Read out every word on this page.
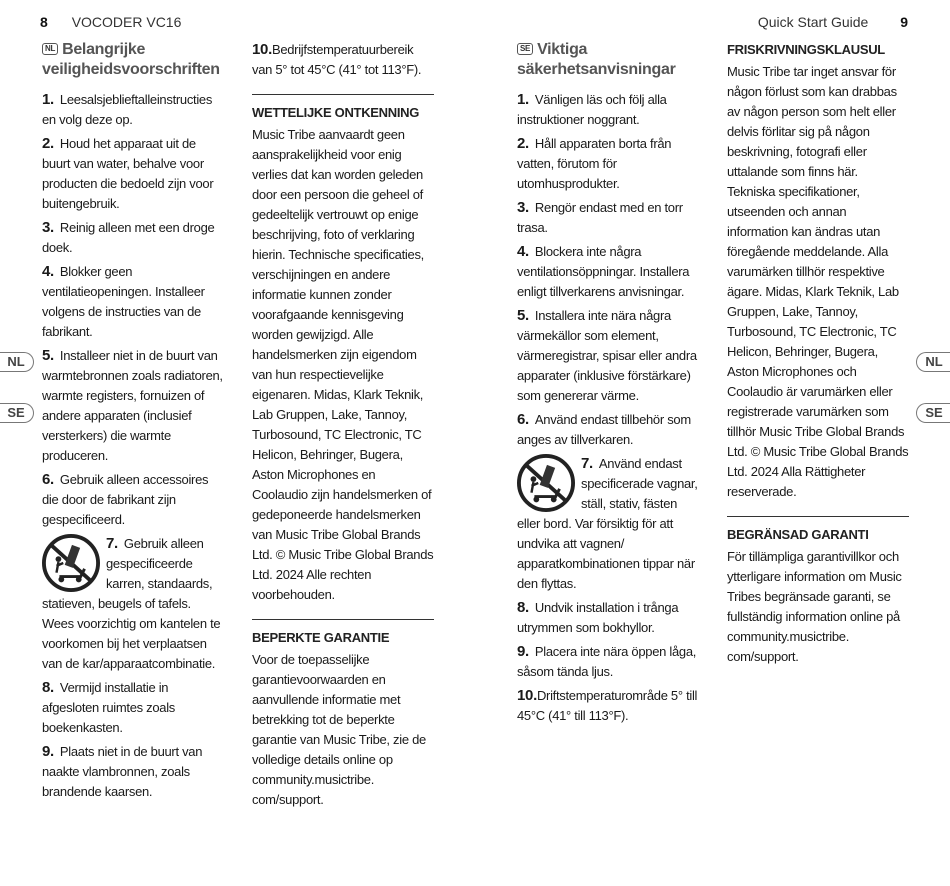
8 VOCODER VC16	Quick Start Guide 9
NL
SE
NL
SE
NL Belangrijke veiligheidsvoorschriften

1. Leesalsjeblieftalleinstructies en volg deze op.

2. Houd het apparaat uit de buurt van water, behalve voor producten die bedoeld zijn voor buitengebruik.

3. Reinig alleen met een droge doek.

4. Blokker geen ventilatieopeningen. Installeer volgens de instructies van de fabrikant.

5. Installeer niet in de buurt van warmtebronnen zoals radiatoren, warmte registers, fornuizen of andere apparaten (inclusief versterkers) die warmte produceren.

6. Gebruik alleen accessoires die door de fabrikant zijn gespecificeerd.

7. Gebruik alleen gespecificeerde karren, standaards, statieven, beugels of tafels. Wees voorzichtig om kantelen te voorkomen bij het verplaatsen van de kar/apparaatcombinatie.

8. Vermijd installatie in afgesloten ruimtes zoals boekenkasten.

9. Plaats niet in de buurt van naakte vlambronnen, zoals brandende kaarsen.

10.Bedrijfstemperatuurbereik van 5° tot 45°C (41° tot 113°F).

WETTELIJKE ONTKENNING

Music Tribe aanvaardt geen aansprakelijkheid voor enig verlies dat kan worden geleden door een persoon die geheel of gedeeltelijk vertrouwt op enige beschrijving, foto of verklaring hierin. Technische specificaties, verschijningen en andere informatie kunnen zonder voorafgaande kennisgeving worden gewijzigd. Alle handelsmerken zijn eigendom van hun respectievelijke eigenaren. Midas, Klark Teknik, Lab Gruppen, Lake, Tannoy, Turbosound, TC Electronic, TC Helicon, Behringer, Bugera, Aston Microphones en Coolaudio zijn handelsmerken of gedeponeerde handelsmerken van Music Tribe Global Brands Ltd. © Music Tribe Global Brands Ltd. 2024 Alle rechten voorbehouden.

BEPERKTE GARANTIE

Voor de toepasselijke garantievoorwaarden en aanvullende informatie met betrekking tot de beperkte garantie van Music Tribe, zie de volledige details online op community.musictribe. com/support.

SE Viktiga säkerhetsanvisningar

1. Vänligen läs och följ alla instruktioner noggrant.

2. Håll apparaten borta från vatten, förutom för utomhusprodukter.

3. Rengör endast med en torr trasa.

4. Blockera inte några ventilationsöppningar. Installera enligt tillverkarens anvisningar.

5. Installera inte nära några värmekällor som element, värmeregistrar, spisar eller andra apparater (inklusive förstärkare) som genererar värme.

6. Använd endast tillbehör som anges av tillverkaren.

7. Använd endast specificerade vagnar, ställ, stativ, fästen eller bord. Var försiktig för att undvika att vagnen/ apparatkombinationen tippar när den flyttas.

8. Undvik installation i trånga utrymmen som bokhyllor.

9. Placera inte nära öppen låga, såsom tända ljus.

10.Driftstemperaturområde 5° till 45°C (41° till 113°F).

FRISKRIVNINGSKLAUSUL

Music Tribe tar inget ansvar för någon förlust som kan drabbas av någon person som helt eller delvis förlitar sig på någon beskrivning, fotografi eller uttalande som finns här. Tekniska specifikationer, utseenden och annan information kan ändras utan föregående meddelande. Alla varumärken tillhör respektive ägare. Midas, Klark Teknik, Lab Gruppen, Lake, Tannoy, Turbosound, TC Electronic, TC Helicon, Behringer, Bugera, Aston Microphones och Coolaudio är varumärken eller registrerade varumärken som tillhör Music Tribe Global Brands Ltd. © Music Tribe Global Brands Ltd. 2024 Alla Rättigheter reserverade.

BEGRÄNSAD GARANTI

För tillämpliga garantivillkor och ytterligare information om Music Tribes begränsade garanti, se fullständig information online på community.musictribe. com/support.
